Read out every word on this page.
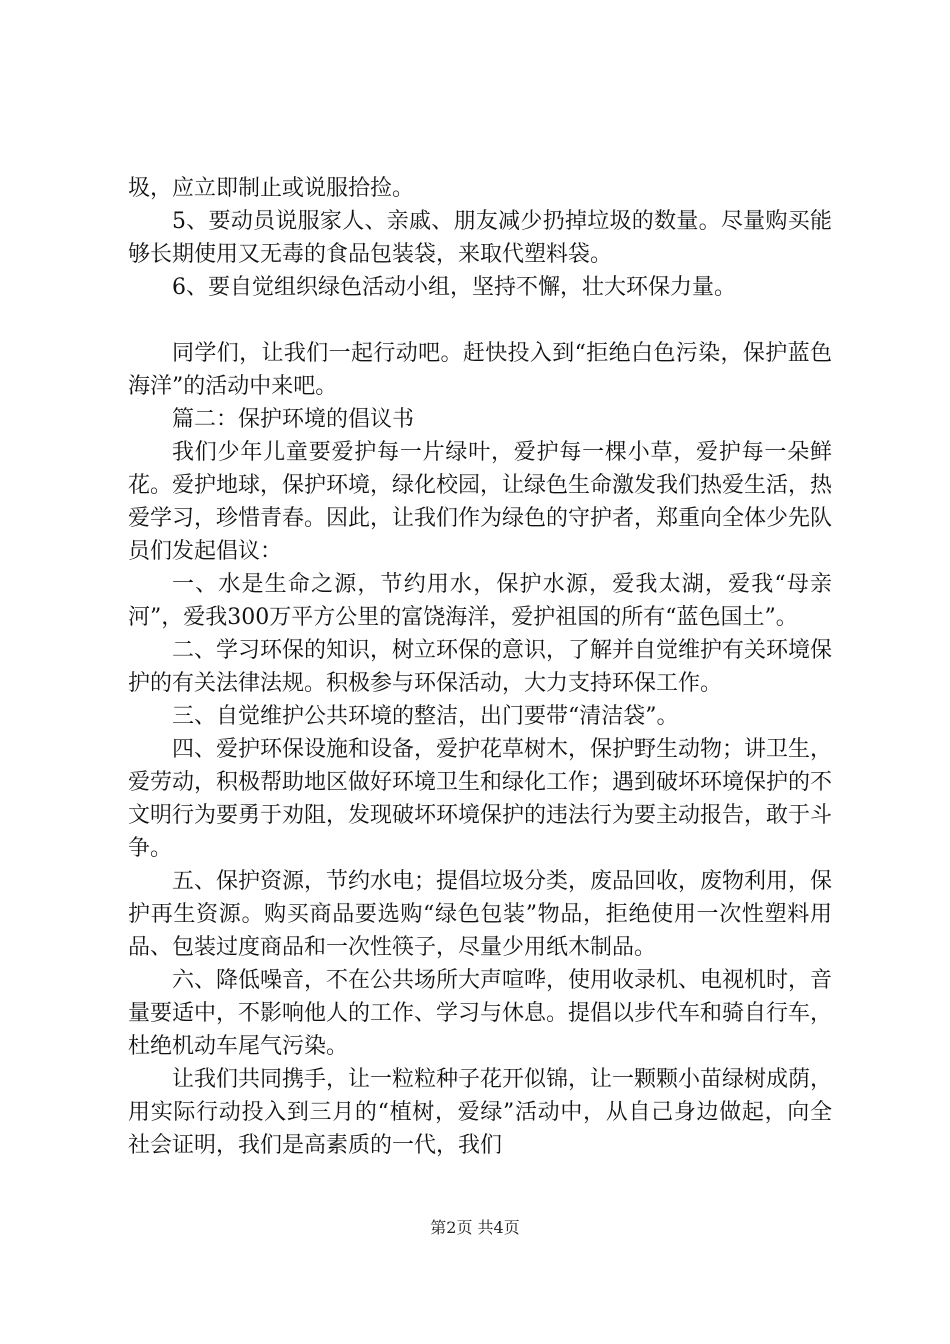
圾，应立即制止或说服拾捡。

5、要动员说服家人、亲戚、朋友减少扔掉垃圾的数量。尽量购买能够长期使用又无毒的食品包装袋，来取代塑料袋。

6、要自觉组织绿色活动小组，坚持不懈，壮大环保力量。

同学们，让我们一起行动吧。赶快投入到“拒绝白色污染，保护蓝色海洋”的活动中来吧。

篇二：保护环境的倡议书

我们少年儿童要爱护每一片绿叶，爱护每一棵小草，爱护每一朵鲜花。爱护地球，保护环境，绿化校园，让绿色生命激发我们热爱生活，热爱学习，珍惜青春。因此，让我们作为绿色的守护者，郑重向全体少先队员们发起倡议：

一、水是生命之源，节约用水，保护水源，爱我太湖，爱我“母亲河”，爱我300万平方公里的富饶海洋，爱护祖国的所有“蓝色国土”。

二、学习环保的知识，树立环保的意识，了解并自觉维护有关环境保护的有关法律法规。积极参与环保活动，大力支持环保工作。

三、自觉维护公共环境的整洁，出门要带“清洁袋”。

四、爱护环保设施和设备，爱护花草树木，保护野生动物；讲卫生，爱劳动，积极帮助地区做好环境卫生和绿化工作；遇到破坏环境保护的不文明行为要勇于劝阻，发现破坏环境保护的违法行为要主动报告，敢于斗争。

五、保护资源，节约水电；提倡垃圾分类，废品回收，废物利用，保护再生资源。购买商品要选购“绿色包装”物品，拒绝使用一次性塑料用品、包装过度商品和一次性筷子，尽量少用纸木制品。

六、降低噪音，不在公共场所大声喧哗，使用收录机、电视机时，音量要适中，不影响他人的工作、学习与休息。提倡以步代车和骑自行车，杜绝机动车尾气污染。

让我们共同携手，让一粒粒种子花开似锦，让一颗颗小苗绿树成荫，用实际行动投入到三月的“植树，爱绿”活动中，从自己身边做起，向全社会证明，我们是高素质的一代，我们

第2页 共4页
